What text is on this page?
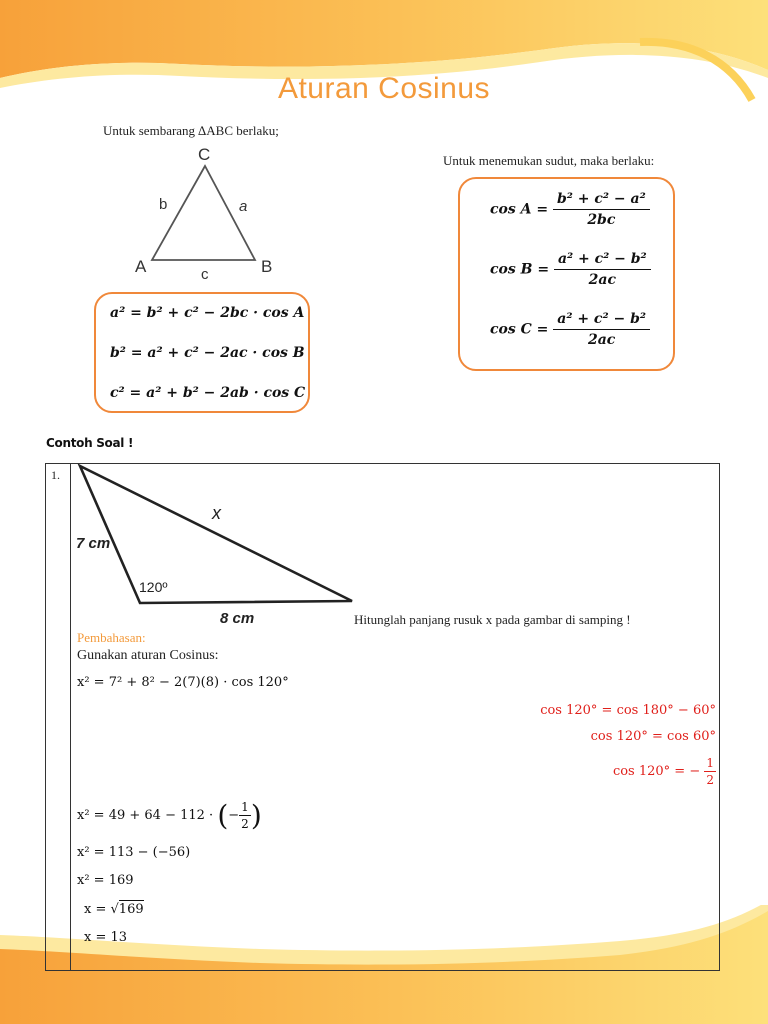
Aturan Cosinus
Untuk sembarang ∆ABC berlaku;
Untuk menemukan sudut, maka berlaku:
C
A	B
b	a
c
a² = b² + c² − 2bc · cos A
b² = a² + c² − 2ac · cos B
c² = a² + b² − 2ab · cos C
$\cos A = \frac{\text{b² + c² − a²}}{2bc}$
$\cos B = \frac{\text{a² + c² − b²}}{2ac}$
$\cos C = \frac{\text{a² + c² − b²}}{2ac}$
Contoh Soal !
1.
7 cm
8 cm
x
120º
Hitunglah panjang rusuk x pada gambar di samping !
Pembahasan:
Gunakan aturan Cosinus:
x² = 7² + 8² − 2(7)(8) · cos 120°
cos 120° = cos 180° − 60°
cos 120° = cos 60°
cos 120° = − $\frac{1}{2}$
x² = 49 + 64 − 112 · (− $\frac{1}{2}$ )
x² = 113 − (−56)
x² = 169
x = √169
x = 13
